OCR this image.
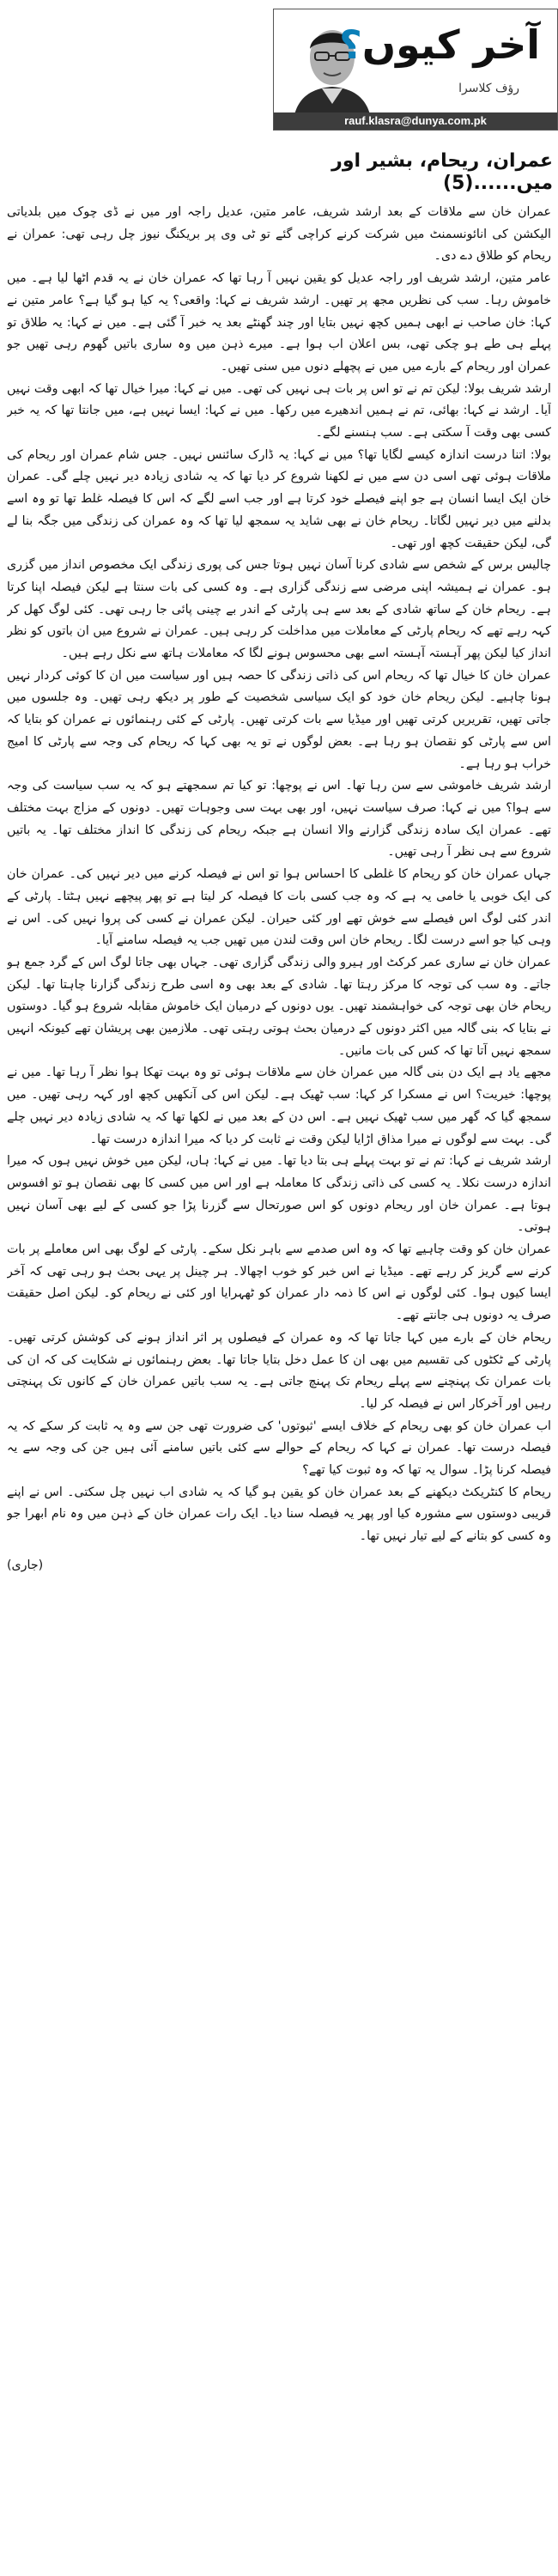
آخر کیوں؟
رؤف کلاسرا
rauf.klasra@dunya.com.pk
عمران، ریحام، بشیر اور میں......(5)

عمران خان سے ملاقات کے بعد ارشد شریف، عامر متین، عدیل راجہ اور میں نے ڈی چوک میں بلدیاتی الیکشن کی انائونسمنٹ میں شرکت کرنے کراچی گئے تو ٹی وی پر بریکنگ نیوز چل رہی تھی: عمران نے ریحام کو طلاق دے دی۔

عامر متین، ارشد شریف اور راجہ عدیل کو یقین نہیں آ رہا تھا کہ عمران خان نے یہ قدم اٹھا لیا ہے۔ میں خاموش رہا۔ سب کی نظریں مجھ پر تھیں۔ ارشد شریف نے کہا: واقعی؟ یہ کیا ہو گیا ہے؟ عامر متین نے کہا: خان صاحب نے ابھی ہمیں کچھ نہیں بتایا اور چند گھنٹے بعد یہ خبر آ گئی ہے۔ میں نے کہا: یہ طلاق تو پہلے ہی طے ہو چکی تھی، بس اعلان اب ہوا ہے۔ میرے ذہن میں وہ ساری باتیں گھوم رہی تھیں جو عمران اور ریحام کے بارے میں میں نے پچھلے دنوں میں سنی تھیں۔

ارشد شریف بولا: لیکن تم نے تو اس پر بات ہی نہیں کی تھی۔ میں نے کہا: میرا خیال تھا کہ ابھی وقت نہیں آیا۔ ارشد نے کہا: بھائی، تم نے ہمیں اندھیرے میں رکھا۔ میں نے کہا: ایسا نہیں ہے، میں جانتا تھا کہ یہ خبر کسی بھی وقت آ سکتی ہے۔ سب ہنسنے لگے۔

بولا: اتنا درست اندازہ کیسے لگایا تھا؟ میں نے کہا: یہ ڈارک سائنس نہیں۔ جس شام عمران اور ریحام کی ملاقات ہوئی تھی اسی دن سے میں نے لکھنا شروع کر دیا تھا کہ یہ شادی زیادہ دیر نہیں چلے گی۔ عمران خان ایک ایسا انسان ہے جو اپنے فیصلے خود کرتا ہے اور جب اسے لگے کہ اس کا فیصلہ غلط تھا تو وہ اسے بدلنے میں دیر نہیں لگاتا۔ ریحام خان نے بھی شاید یہ سمجھ لیا تھا کہ وہ عمران کی زندگی میں جگہ بنا لے گی، لیکن حقیقت کچھ اور تھی۔

چالیس برس کے شخص سے شادی کرنا آسان نہیں ہوتا جس کی پوری زندگی ایک مخصوص انداز میں گزری ہو۔ عمران نے ہمیشہ اپنی مرضی سے زندگی گزاری ہے۔ وہ کسی کی بات سنتا ہے لیکن فیصلہ اپنا کرتا ہے۔ ریحام خان کے ساتھ شادی کے بعد سے ہی پارٹی کے اندر بے چینی پائی جا رہی تھی۔ کئی لوگ کھل کر کہہ رہے تھے کہ ریحام پارٹی کے معاملات میں مداخلت کر رہی ہیں۔ عمران نے شروع میں ان باتوں کو نظر انداز کیا لیکن پھر آہستہ آہستہ اسے بھی محسوس ہونے لگا کہ معاملات ہاتھ سے نکل رہے ہیں۔

عمران خان کا خیال تھا کہ ریحام اس کی ذاتی زندگی کا حصہ ہیں اور سیاست میں ان کا کوئی کردار نہیں ہونا چاہیے۔ لیکن ریحام خان خود کو ایک سیاسی شخصیت کے طور پر دیکھ رہی تھیں۔ وہ جلسوں میں جاتی تھیں، تقریریں کرتی تھیں اور میڈیا سے بات کرتی تھیں۔ پارٹی کے کئی رہنمائوں نے عمران کو بتایا کہ اس سے پارٹی کو نقصان ہو رہا ہے۔ بعض لوگوں نے تو یہ بھی کہا کہ ریحام کی وجہ سے پارٹی کا امیج خراب ہو رہا ہے۔

ارشد شریف خاموشی سے سن رہا تھا۔ اس نے پوچھا: تو کیا تم سمجھتے ہو کہ یہ سب سیاست کی وجہ سے ہوا؟ میں نے کہا: صرف سیاست نہیں، اور بھی بہت سی وجوہات تھیں۔ دونوں کے مزاج بہت مختلف تھے۔ عمران ایک سادہ زندگی گزارنے والا انسان ہے جبکہ ریحام کی زندگی کا انداز مختلف تھا۔ یہ باتیں شروع سے ہی نظر آ رہی تھیں۔

جہاں عمران خان کو ریحام کا غلطی کا احساس ہوا تو اس نے فیصلہ کرنے میں دیر نہیں کی۔ عمران خان کی ایک خوبی یا خامی یہ ہے کہ وہ جب کسی بات کا فیصلہ کر لیتا ہے تو پھر پیچھے نہیں ہٹتا۔ پارٹی کے اندر کئی لوگ اس فیصلے سے خوش تھے اور کئی حیران۔ لیکن عمران نے کسی کی پروا نہیں کی۔ اس نے وہی کیا جو اسے درست لگا۔ ریحام خان اس وقت لندن میں تھیں جب یہ فیصلہ سامنے آیا۔

عمران خان نے ساری عمر کرکٹ اور ہیرو والی زندگی گزاری تھی۔ جہاں بھی جاتا لوگ اس کے گرد جمع ہو جاتے۔ وہ سب کی توجہ کا مرکز رہتا تھا۔ شادی کے بعد بھی وہ اسی طرح زندگی گزارنا چاہتا تھا۔ لیکن ریحام خان بھی توجہ کی خواہشمند تھیں۔ یوں دونوں کے درمیان ایک خاموش مقابلہ شروع ہو گیا۔ دوستوں نے بتایا کہ بنی گالہ میں اکثر دونوں کے درمیان بحث ہوتی رہتی تھی۔ ملازمین بھی پریشان تھے کیونکہ انہیں سمجھ نہیں آتا تھا کہ کس کی بات مانیں۔

مجھے یاد ہے ایک دن بنی گالہ میں عمران خان سے ملاقات ہوئی تو وہ بہت تھکا ہوا نظر آ رہا تھا۔ میں نے پوچھا: خیریت؟ اس نے مسکرا کر کہا: سب ٹھیک ہے۔ لیکن اس کی آنکھیں کچھ اور کہہ رہی تھیں۔ میں سمجھ گیا کہ گھر میں سب ٹھیک نہیں ہے۔ اس دن کے بعد میں نے لکھا تھا کہ یہ شادی زیادہ دیر نہیں چلے گی۔ بہت سے لوگوں نے میرا مذاق اڑایا لیکن وقت نے ثابت کر دیا کہ میرا اندازہ درست تھا۔

ارشد شریف نے کہا: تم نے تو بہت پہلے ہی بتا دیا تھا۔ میں نے کہا: ہاں، لیکن میں خوش نہیں ہوں کہ میرا اندازہ درست نکلا۔ یہ کسی کی ذاتی زندگی کا معاملہ ہے اور اس میں کسی کا بھی نقصان ہو تو افسوس ہوتا ہے۔ عمران خان اور ریحام دونوں کو اس صورتحال سے گزرنا پڑا جو کسی کے لیے بھی آسان نہیں ہوتی۔

عمران خان کو وقت چاہیے تھا کہ وہ اس صدمے سے باہر نکل سکے۔ پارٹی کے لوگ بھی اس معاملے پر بات کرنے سے گریز کر رہے تھے۔ میڈیا نے اس خبر کو خوب اچھالا۔ ہر چینل پر یہی بحث ہو رہی تھی کہ آخر ایسا کیوں ہوا۔ کئی لوگوں نے اس کا ذمہ دار عمران کو ٹھہرایا اور کئی نے ریحام کو۔ لیکن اصل حقیقت صرف یہ دونوں ہی جانتے تھے۔

ریحام خان کے بارے میں کہا جاتا تھا کہ وہ عمران کے فیصلوں پر اثر انداز ہونے کی کوشش کرتی تھیں۔ پارٹی کے ٹکٹوں کی تقسیم میں بھی ان کا عمل دخل بتایا جاتا تھا۔ بعض رہنمائوں نے شکایت کی کہ ان کی بات عمران تک پہنچنے سے پہلے ریحام تک پہنچ جاتی ہے۔ یہ سب باتیں عمران خان کے کانوں تک پہنچتی رہیں اور آخرکار اس نے فیصلہ کر لیا۔

اب عمران خان کو بھی ریحام کے خلاف ایسے 'ثبوتوں' کی ضرورت تھی جن سے وہ یہ ثابت کر سکے کہ یہ فیصلہ درست تھا۔ عمران نے کہا کہ ریحام کے حوالے سے کئی باتیں سامنے آئی ہیں جن کی وجہ سے یہ فیصلہ کرنا پڑا۔ سوال یہ تھا کہ وہ ثبوت کیا تھے؟

ریحام کا کنٹریکٹ دیکھنے کے بعد عمران خان کو یقین ہو گیا کہ یہ شادی اب نہیں چل سکتی۔ اس نے اپنے قریبی دوستوں سے مشورہ کیا اور پھر یہ فیصلہ سنا دیا۔ ایک رات عمران خان کے ذہن میں وہ نام ابھرا جو وہ کسی کو بتانے کے لیے تیار نہیں تھا۔

(جاری)
